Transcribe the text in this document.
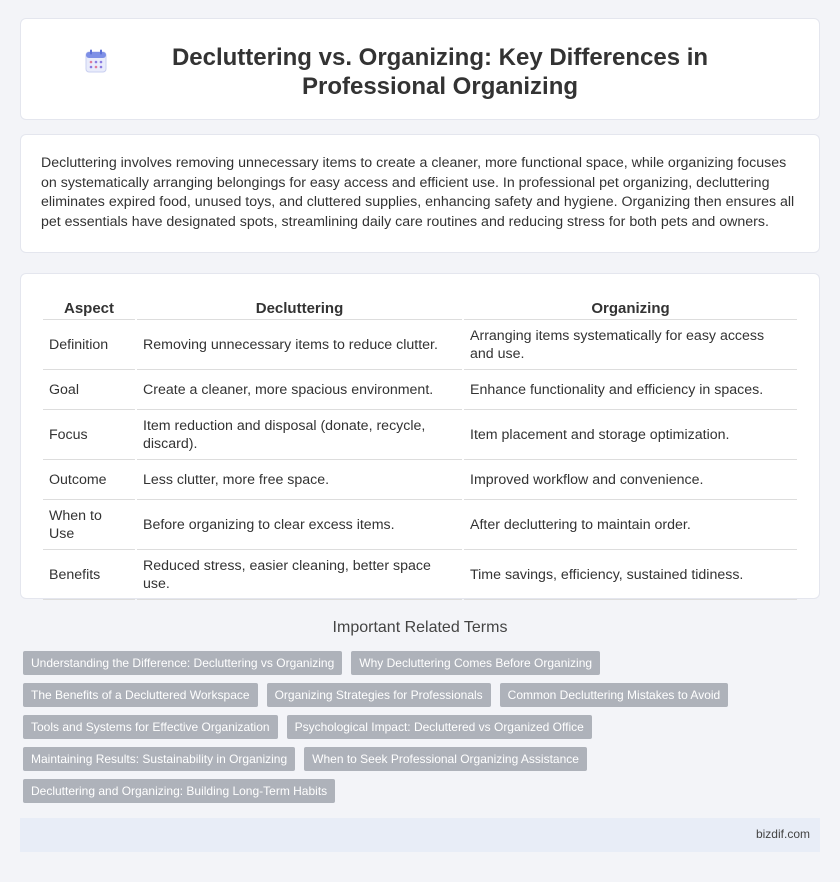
Decluttering vs. Organizing: Key Differences in Professional Organizing

Decluttering involves removing unnecessary items to create a cleaner, more functional space, while organizing focuses on systematically arranging belongings for easy access and efficient use. In professional pet organizing, decluttering eliminates expired food, unused toys, and cluttered supplies, enhancing safety and hygiene. Organizing then ensures all pet essentials have designated spots, streamlining daily care routines and reducing stress for both pets and owners.

Aspect	Decluttering	Organizing
Definition	Removing unnecessary items to reduce clutter.	Arranging items systematically for easy access and use.
Goal	Create a cleaner, more spacious environment.	Enhance functionality and efficiency in spaces.
Focus	Item reduction and disposal (donate, recycle, discard).	Item placement and storage optimization.
Outcome	Less clutter, more free space.	Improved workflow and convenience.
When to Use	Before organizing to clear excess items.	After decluttering to maintain order.
Benefits	Reduced stress, easier cleaning, better space use.	Time savings, efficiency, sustained tidiness.
Important Related Terms
Understanding the Difference: Decluttering vs Organizing	Why Decluttering Comes Before Organizing
The Benefits of a Decluttered Workspace	Organizing Strategies for Professionals	Common Decluttering Mistakes to Avoid
Tools and Systems for Effective Organization	Psychological Impact: Decluttered vs Organized Office
Maintaining Results: Sustainability in Organizing	When to Seek Professional Organizing Assistance
Decluttering and Organizing: Building Long-Term Habits
bizdif.com
